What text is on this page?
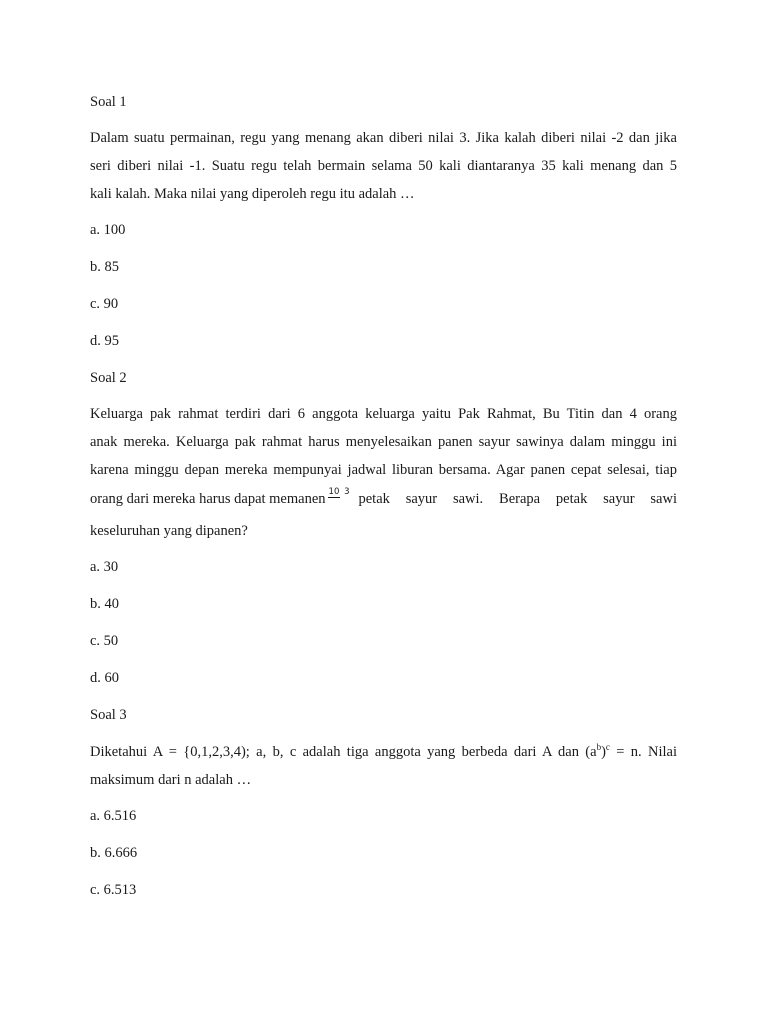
Soal 1
Dalam suatu permainan, regu yang menang akan diberi nilai 3. Jika kalah diberi nilai -2 dan jika
seri diberi nilai -1. Suatu regu telah bermain selama 50 kali diantaranya 35 kali menang dan 5
kali kalah. Maka nilai yang diperoleh regu itu adalah …
a. 100
b. 85
c. 90
d. 95
Soal 2
Keluarga pak rahmat terdiri dari 6 anggota keluarga yaitu Pak Rahmat, Bu Titin dan 4 orang
anak mereka. Keluarga pak rahmat harus menyelesaikan panen sayur sawinya dalam minggu ini
karena minggu depan mereka mempunyai jadwal liburan bersama. Agar panen cepat selesai, tiap
orang dari mereka harus dapat memanen 10 3 petak sayur sawi. Berapa petak sayur sawi
keseluruhan yang dipanen?
a. 30
b. 40
c. 50
d. 60
Soal 3
Diketahui A = {0,1,2,3,4); a, b, c adalah tiga anggota yang berbeda dari A dan $(a^b)^c = n$. Nilai
maksimum dari n adalah …
a. 6.516
b. 6.666
c. 6.513
